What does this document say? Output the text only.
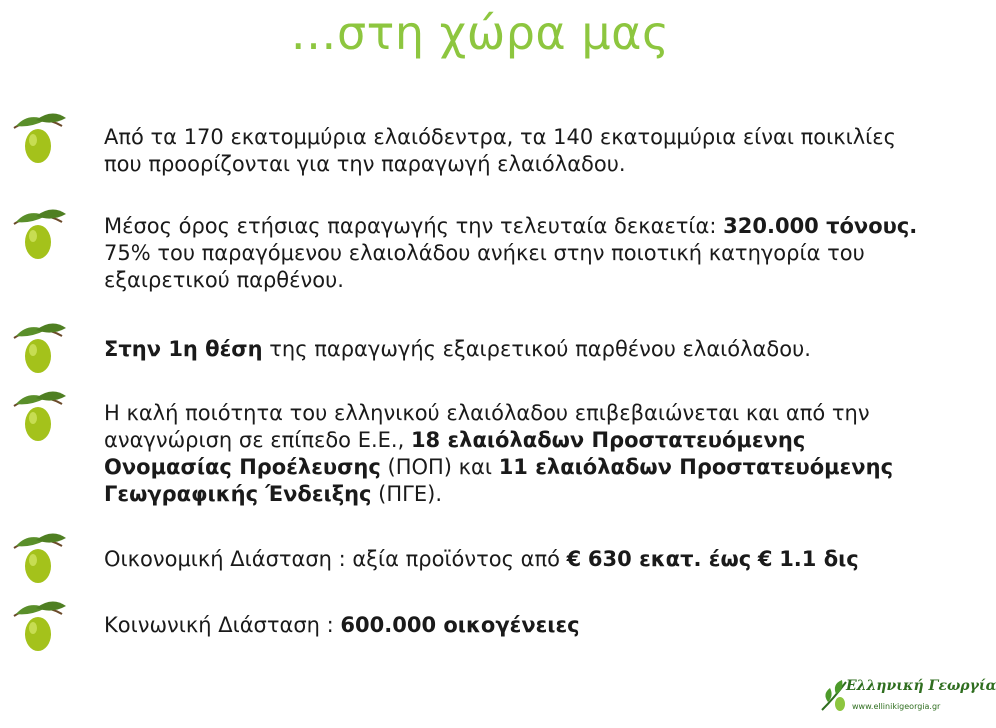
…στη χώρα μας

Από τα 170 εκατομμύρια ελαιόδεντρα, τα 140 εκατομμύρια είναι ποικιλίες που προορίζονται για την παραγωγή ελαιόλαδου.

Μέσος όρος ετήσιας παραγωγής την τελευταία δεκαετία: 320.000 τόνους. 75% του παραγόμενου ελαιολάδου ανήκει στην ποιοτική κατηγορία του εξαιρετικού παρθένου.

Στην 1η θέση της παραγωγής εξαιρετικού παρθένου ελαιόλαδου.

Η καλή ποιότητα του ελληνικού ελαιόλαδου επιβεβαιώνεται και από την αναγνώριση σε επίπεδο Ε.Ε., 18 ελαιόλαδων Προστατευόμενης Ονομασίας Προέλευσης (ΠΟΠ) και 11 ελαιόλαδων Προστατευόμενης Γεωγραφικής Ένδειξης (ΠΓΕ).

Οικονομική Διάσταση : αξία προϊόντος από € 630 εκατ. έως € 1.1 δις

Κοινωνική Διάσταση : 600.000 οικογένειες

Ελληνική Γεωργία
www.ellinikigeorgia.gr
